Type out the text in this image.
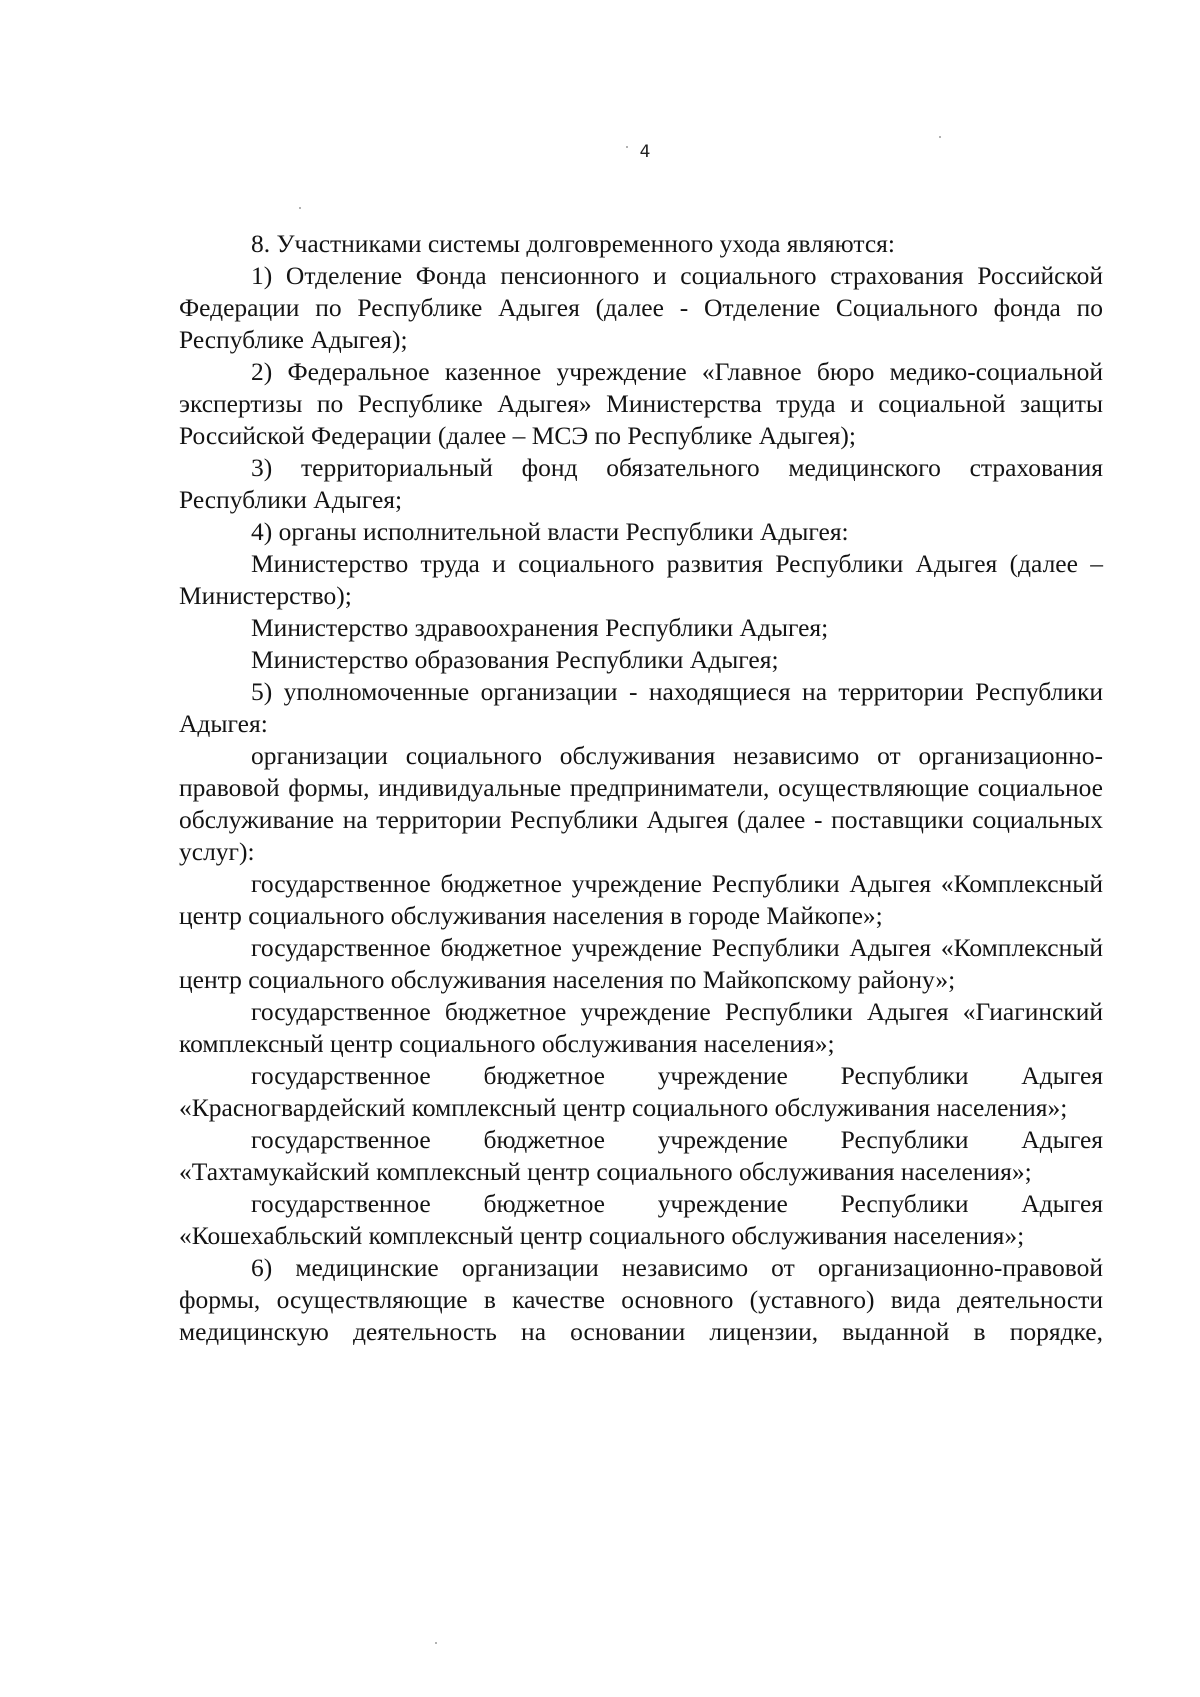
4

8. Участниками системы долговременного ухода являются:

1) Отделение Фонда пенсионного и социального страхования Российской Федерации по Республике Адыгея (далее - Отделение Социального фонда по Республике Адыгея);

2) Федеральное казенное учреждение «Главное бюро медико-социальной экспертизы по Республике Адыгея» Министерства труда и социальной защиты Российской Федерации (далее – МСЭ по Республике Адыгея);

3) территориальный фонд обязательного медицинского страхования Республики Адыгея;

4) органы исполнительной власти Республики Адыгея:

Министерство труда и социального развития Республики Адыгея (далее – Министерство);

Министерство здравоохранения Республики Адыгея;

Министерство образования Республики Адыгея;

5) уполномоченные организации - находящиеся на территории Республики Адыгея:

организации социального обслуживания независимо от организационно-правовой формы, индивидуальные предприниматели, осуществляющие социальное обслуживание на территории Республики Адыгея (далее - поставщики социальных услуг):

государственное бюджетное учреждение Республики Адыгея «Комплексный центр социального обслуживания населения в городе Майкопе»;

государственное бюджетное учреждение Республики Адыгея «Комплексный центр социального обслуживания населения по Майкопскому району»;

государственное бюджетное учреждение Республики Адыгея «Гиагинский комплексный центр социального обслуживания населения»;

государственное бюджетное учреждение Республики Адыгея «Красногвардейский комплексный центр социального обслуживания населения»;

государственное бюджетное учреждение Республики Адыгея «Тахтамукайский комплексный центр социального обслуживания населения»;

государственное бюджетное учреждение Республики Адыгея «Кошехабльский комплексный центр социального обслуживания населения»;

6) медицинские организации независимо от организационно-правовой формы, осуществляющие в качестве основного (уставного) вида деятельности медицинскую деятельность на основании лицензии, выданной в порядке,
